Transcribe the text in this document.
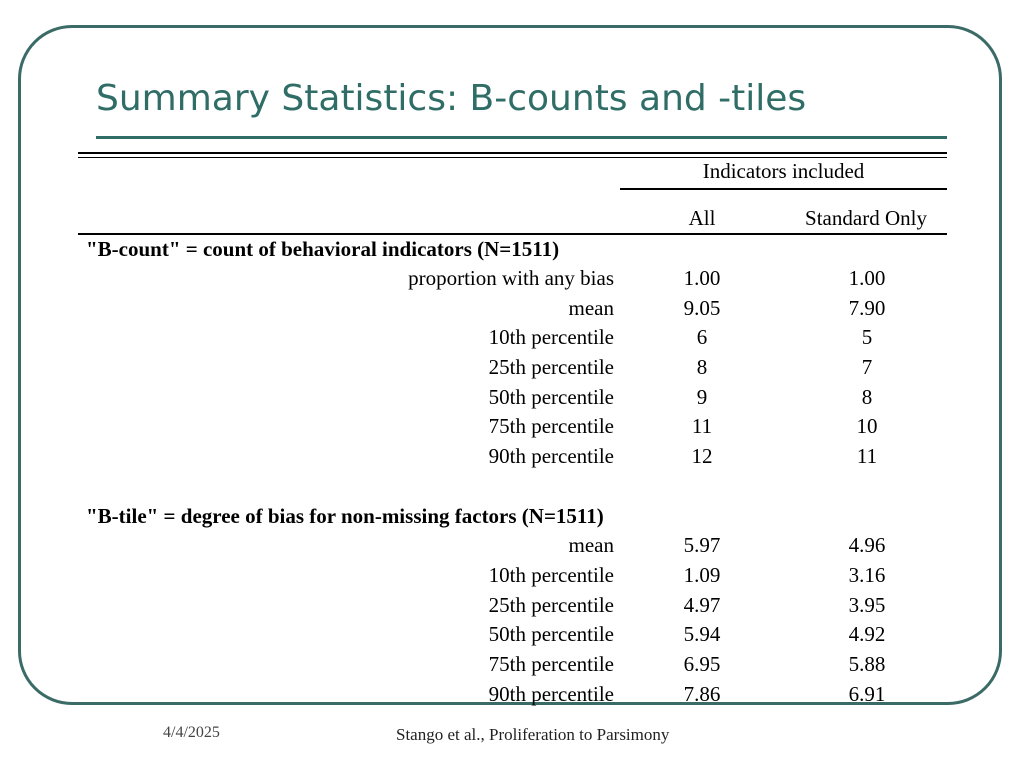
Summary Statistics: B-counts and -tiles
Indicators included
All	Standard Only
"B-count" = count of behavioral indicators (N=1511)
proportion with any bias	1.00	1.00
mean	9.05	7.90
10th percentile	6	5
25th percentile	8	7
50th percentile	9	8
75th percentile	11	10
90th percentile	12	11
"B-tile" = degree of bias for non-missing factors (N=1511)
mean	5.97	4.96
10th percentile	1.09	3.16
25th percentile	4.97	3.95
50th percentile	5.94	4.92
75th percentile	6.95	5.88
90th percentile	7.86	6.91
4/4/2025	Stango et al., Proliferation to Parsimony
